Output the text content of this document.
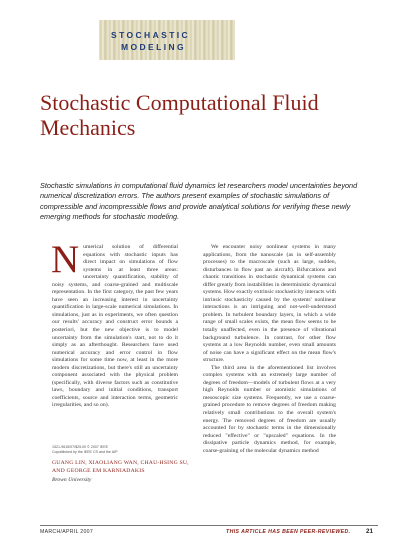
STOCHASTIC
MODELING
Stochastic Computational Fluid Mechanics

Stochastic simulations in computational fluid dynamics let researchers model uncertainties beyond numerical discretization errors. The authors present examples of stochastic simulations of compressible and incompressible flows and provide analytical solutions for verifying these newly emerging methods for stochastic modeling.

N umerical solution of differential equations with stochastic inputs has direct impact on simulations of flow systems in at least three areas: uncertainty quantification, stability of noisy systems, and coarse-grained and multiscale representation. In the first category, the past few years have seen an increasing interest in uncertainty quantification in large-scale numerical simulations. In simulations, just as in experiments, we often question our results' accuracy and construct error bounds a posteriori, but the new objective is to model uncertainty from the simulation's start, not to do it simply as an afterthought. Researchers have used numerical accuracy and error control in flow simulations for some time now, at least in the more modern discretizations, but there's still an uncertainty component associated with the physical problem (specifically, with diverse factors such as constitutive laws, boundary and initial conditions, transport coefficients, source and interaction terms, geometric irregularities, and so on).

We encounter noisy nonlinear systems in many applications, from the nanoscale (as in self-assembly processes) to the macroscale (such as large, sudden, disturbances in flow past an aircraft). Bifurcations and chaotic transitions in stochastic dynamical systems can differ greatly from instabilities in deterministic dynamical systems. How exactly extrinsic stochasticity interacts with intrinsic stochasticity caused by the systems' nonlinear interactions is an intriguing and not-well-understood problem. In turbulent boundary layers, in which a wide range of small scales exists, the mean flow seems to be totally unaffected, even in the presence of vibrational background turbulence. In contrast, for other flow systems at a low Reynolds number, even small amounts of noise can have a significant effect on the mean flow's structure.

The third area in the aforementioned list involves complex systems with an extremely large number of degrees of freedom—models of turbulent flows at a very high Reynolds number or atomistic simulations of mesoscopic size systems. Frequently, we use a coarse-grained procedure to remove degrees of freedom making relatively small contributions to the overall system's energy. The removed degrees of freedom are usually accounted for by stochastic terms in the dimensionally reduced "effective" or "upscaled" equations. In the dissipative particle dynamics method, for example, coarse-graining of the molecular dynamics method

1521-9615/07/$25.00 © 2007 IEEE
Copublished by the IEEE CS and the AIP
GUANG LIN, XIAOLIANG WAN, CHAU-HSING SU,
AND GEORGE EM KARNIADAKIS
Brown University
MARCH/APRIL 2007	THIS ARTICLE HAS BEEN PEER-REVIEWED. 21
